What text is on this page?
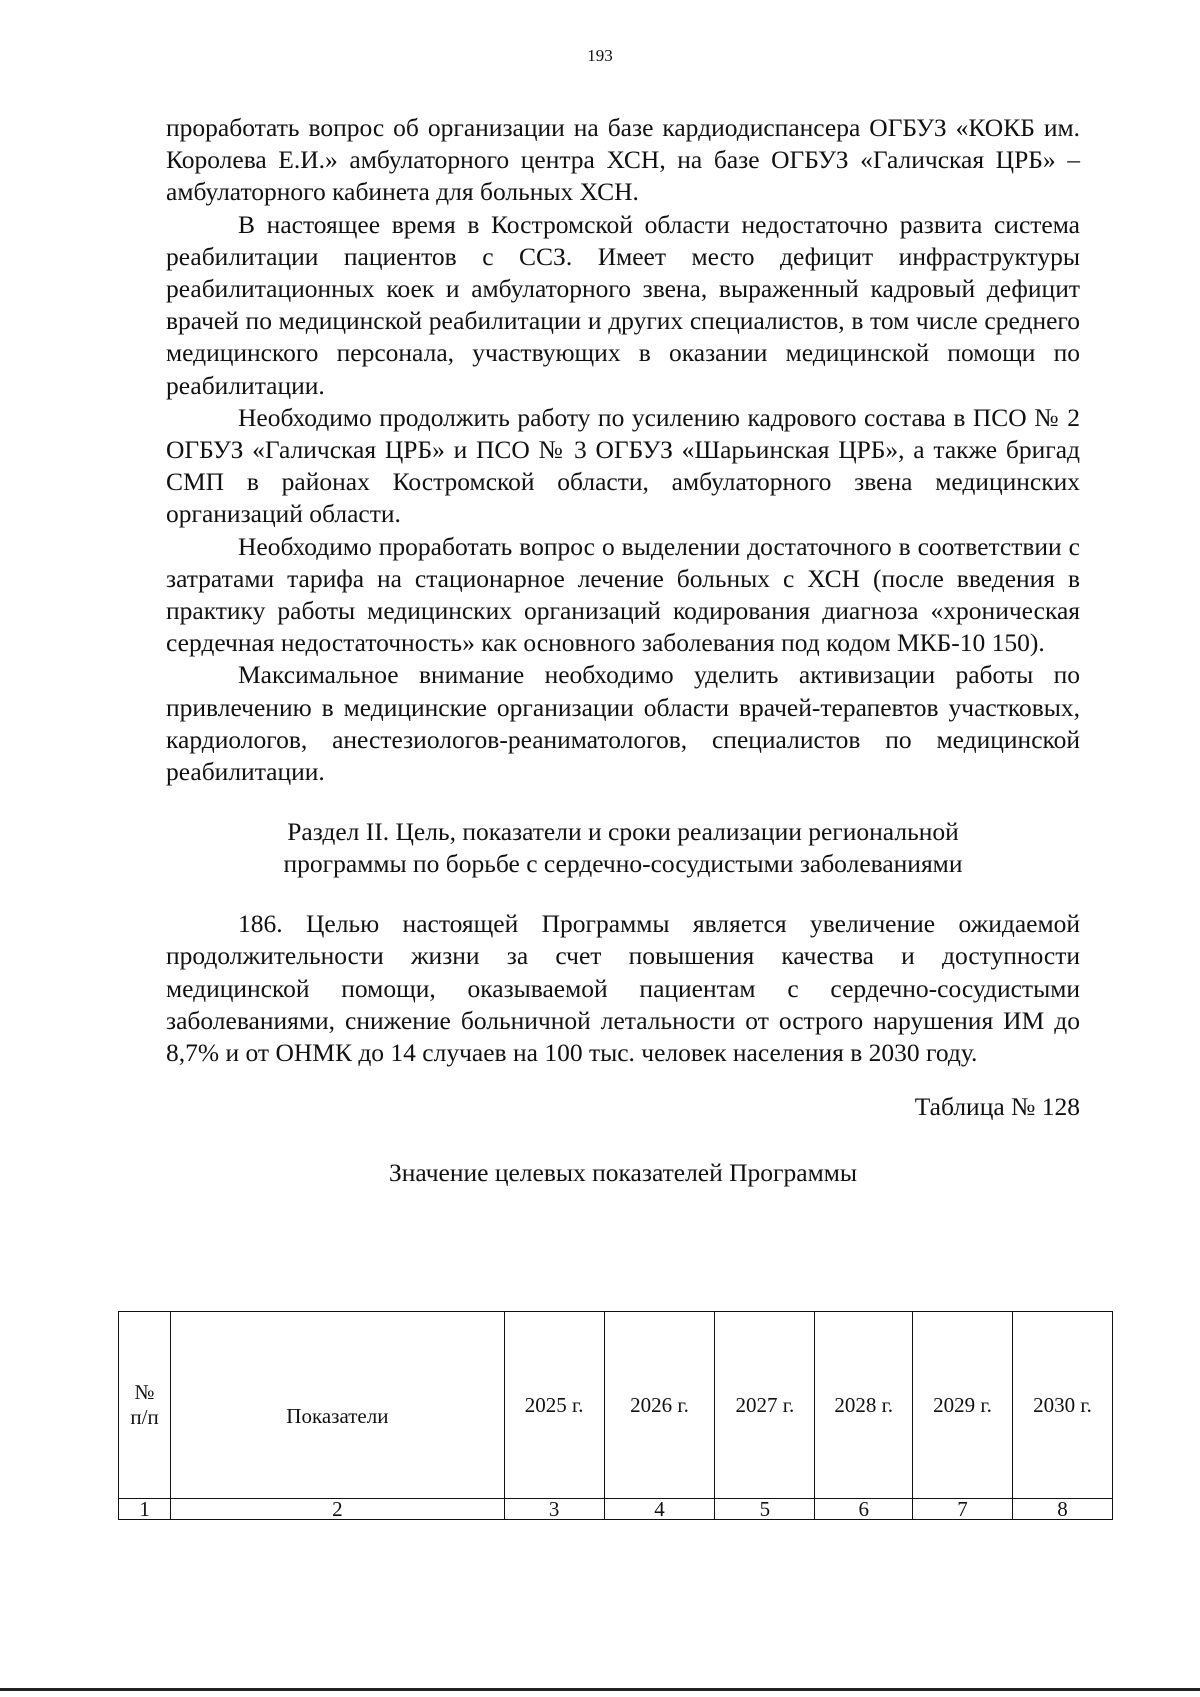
193

проработать вопрос об организации на базе кардиодиспансера ОГБУЗ «КОКБ им. Королева Е.И.» амбулаторного центра ХСН, на базе ОГБУЗ «Галичская ЦРБ» – амбулаторного кабинета для больных ХСН.

В настоящее время в Костромской области недостаточно развита система реабилитации пациентов с ССЗ. Имеет место дефицит инфраструктуры реабилитационных коек и амбулаторного звена, выраженный кадровый дефицит врачей по медицинской реабилитации и других специалистов, в том числе среднего медицинского персонала, участвующих в оказании медицинской помощи по реабилитации.

Необходимо продолжить работу по усилению кадрового состава в ПСО № 2 ОГБУЗ «Галичская ЦРБ» и ПСО № 3 ОГБУЗ «Шарьинская ЦРБ», а также бригад СМП в районах Костромской области, амбулаторного звена медицинских организаций области.

Необходимо проработать вопрос о выделении достаточного в соответствии с затратами тарифа на стационарное лечение больных с ХСН (после введения в практику работы медицинских организаций кодирования диагноза «хроническая сердечная недостаточность» как основного заболевания под кодом МКБ-10 150).

Максимальное внимание необходимо уделить активизации работы по привлечению в медицинские организации области врачей-терапевтов участковых, кардиологов, анестезиологов-реаниматологов, специалистов по медицинской реабилитации.

Раздел II. Цель, показатели и сроки реализации региональной
программы по борьбе с сердечно-сосудистыми заболеваниями

186. Целью настоящей Программы является увеличение ожидаемой продолжительности жизни за счет повышения качества и доступности медицинской помощи, оказываемой пациентам с сердечно-сосудистыми заболеваниями, снижение больничной летальности от острого нарушения ИМ до 8,7% и от ОНМК до 14 случаев на 100 тыс. человек населения в 2030 году.

Таблица № 128
Значение целевых показателей Программы
№
п/п	Показатели	2025 г.	2026 г.	2027 г.	2028 г.	2029 г.	2030 г.
1	2	3	4	5	6	7	8
